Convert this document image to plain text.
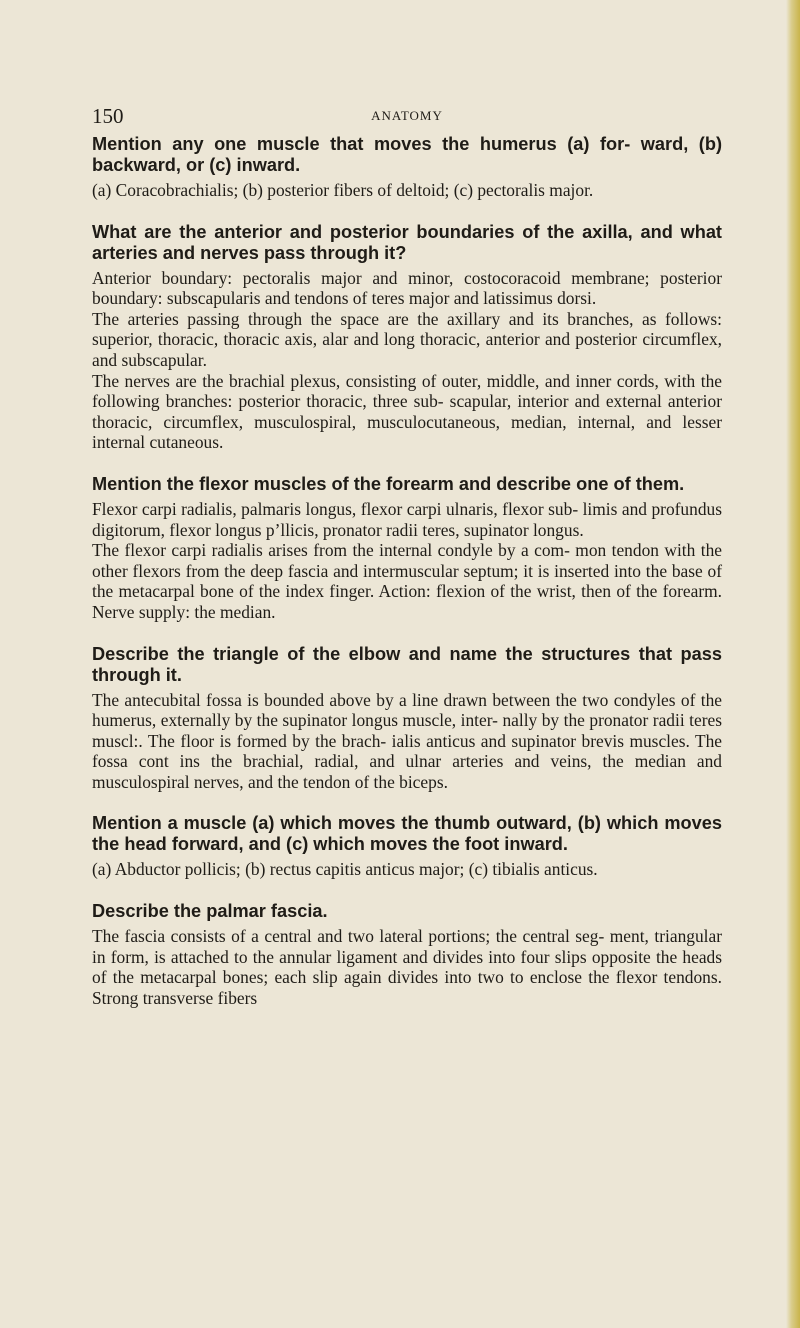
150	ANATOMY

Mention any one muscle that moves the humerus (a) for- ward, (b) backward, or (c) inward.

(a) Coracobrachialis; (b) posterior fibers of deltoid; (c) pectoralis major.

What are the anterior and posterior boundaries of the axilla, and what arteries and nerves pass through it?

Anterior boundary: pectoralis major and minor, costocoracoid membrane; posterior boundary: subscapularis and tendons of teres major and latissimus dorsi.

The arteries passing through the space are the axillary and its branches, as follows: superior, thoracic, thoracic axis, alar and long thoracic, anterior and posterior circumflex, and subscapular.

The nerves are the brachial plexus, consisting of outer, middle, and inner cords, with the following branches: posterior thoracic, three sub- scapular, interior and external anterior thoracic, circumflex, musculospiral, musculocutaneous, median, internal, and lesser internal cutaneous.

Mention the flexor muscles of the forearm and describe one of them.

Flexor carpi radialis, palmaris longus, flexor carpi ulnaris, flexor sub- limis and profundus digitorum, flexor longus p’llicis, pronator radii teres, supinator longus.

The flexor carpi radialis arises from the internal condyle by a com- mon tendon with the other flexors from the deep fascia and intermuscular septum; it is inserted into the base of the metacarpal bone of the index finger. Action: flexion of the wrist, then of the forearm. Nerve supply: the median.

Describe the triangle of the elbow and name the structures that pass through it.

The antecubital fossa is bounded above by a line drawn between the two condyles of the humerus, externally by the supinator longus muscle, inter- nally by the pronator radii teres muscl:. The floor is formed by the brach- ialis anticus and supinator brevis muscles. The fossa cont ins the brachial, radial, and ulnar arteries and veins, the median and musculospiral nerves, and the tendon of the biceps.

Mention a muscle (a) which moves the thumb outward, (b) which moves the head forward, and (c) which moves the foot inward.

(a) Abductor pollicis; (b) rectus capitis anticus major; (c) tibialis anticus.

Describe the palmar fascia.

The fascia consists of a central and two lateral portions; the central seg- ment, triangular in form, is attached to the annular ligament and divides into four slips opposite the heads of the metacarpal bones; each slip again divides into two to enclose the flexor tendons. Strong transverse fibers
